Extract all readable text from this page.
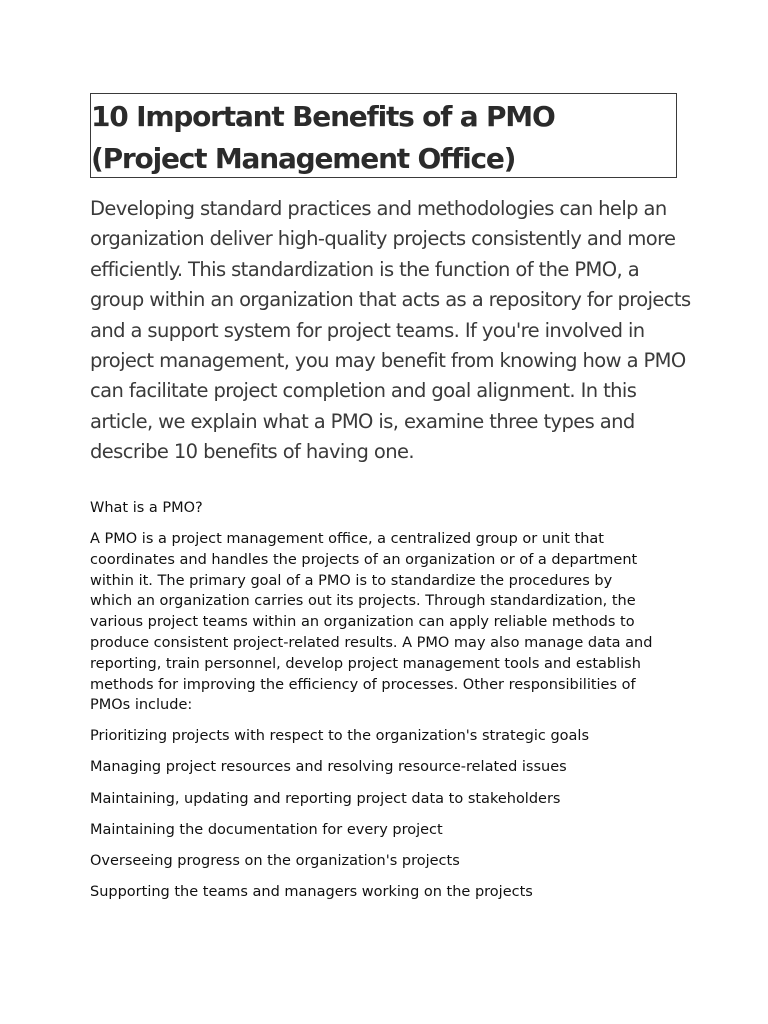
10 Important Benefits of a PMO (Project Management Office)

Developing standard practices and methodologies can help an
organization deliver high-quality projects consistently and more
efficiently. This standardization is the function of the PMO, a
group within an organization that acts as a repository for projects
and a support system for project teams. If you're involved in
project management, you may benefit from knowing how a PMO
can facilitate project completion and goal alignment. In this
article, we explain what a PMO is, examine three types and
describe 10 benefits of having one.

What is a PMO?

A PMO is a project management office, a centralized group or unit that
coordinates and handles the projects of an organization or of a department
within it. The primary goal of a PMO is to standardize the procedures by
which an organization carries out its projects. Through standardization, the
various project teams within an organization can apply reliable methods to
produce consistent project-related results. A PMO may also manage data and
reporting, train personnel, develop project management tools and establish
methods for improving the efficiency of processes. Other responsibilities of
PMOs include:

Prioritizing projects with respect to the organization's strategic goals
Managing project resources and resolving resource-related issues
Maintaining, updating and reporting project data to stakeholders
Maintaining the documentation for every project
Overseeing progress on the organization's projects
Supporting the teams and managers working on the projects
